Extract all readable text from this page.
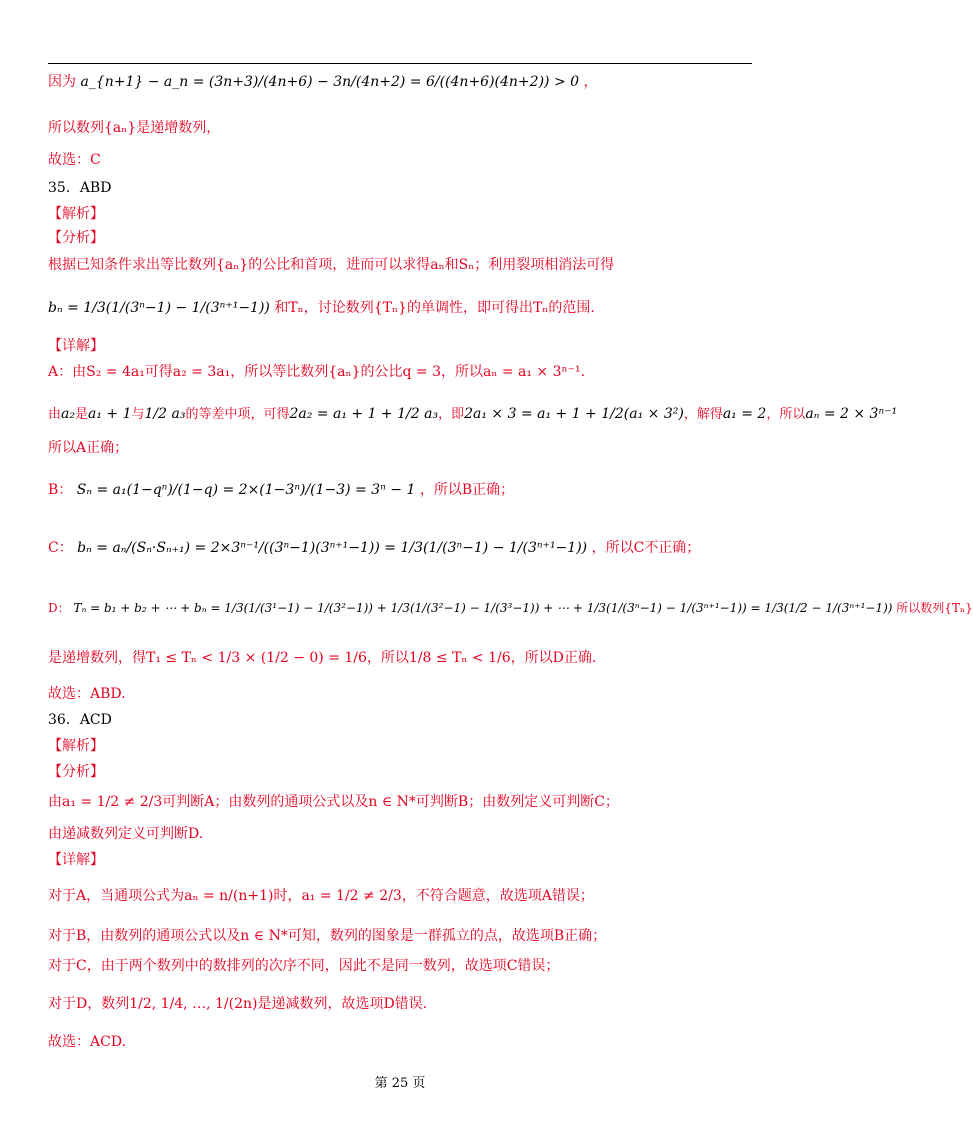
因为 a_{n+1} − a_n = (3n+3)/(4n+6) − 3n/(4n+2) = 6/((4n+6)(4n+2)) > 0 ，
所以数列{aₙ}是递增数列，
故选：C
35．ABD
【解析】
【分析】
根据已知条件求出等比数列{aₙ}的公比和首项，进而可以求得aₙ和Sₙ；利用裂项相消法可得
bₙ = 1/3(1/(3ⁿ−1) − 1/(3ⁿ⁺¹−1)) 和Tₙ，讨论数列{Tₙ}的单调性，即可得出Tₙ的范围.
【详解】
A：由S₂ = 4a₁可得a₂ = 3a₁，所以等比数列{aₙ}的公比q = 3，所以aₙ = a₁ × 3ⁿ⁻¹.
由a₂是a₁ + 1与1/2 a₃的等差中项，可得2a₂ = a₁ + 1 + 1/2 a₃，即2a₁ × 3 = a₁ + 1 + 1/2(a₁ × 3²)，解得a₁ = 2，所以aₙ = 2 × 3ⁿ⁻¹
所以A正确；
B： Sₙ = a₁(1−qⁿ)/(1−q) = 2×(1−3ⁿ)/(1−3) = 3ⁿ − 1 ，所以B正确；
C： bₙ = aₙ/(Sₙ·Sₙ₊₁) = 2×3ⁿ⁻¹/((3ⁿ−1)(3ⁿ⁺¹−1)) = 1/3(1/(3ⁿ−1) − 1/(3ⁿ⁺¹−1)) ，所以C不正确；
D： Tₙ = b₁ + b₂ + ⋯ + bₙ = 1/3(1/(3¹−1) − 1/(3²−1)) + 1/3(1/(3²−1) − 1/(3³−1)) + ⋯ + 1/3(1/(3ⁿ−1) − 1/(3ⁿ⁺¹−1)) = 1/3(1/2 − 1/(3ⁿ⁺¹−1)) 所以数列{Tₙ}
是递增数列，得T₁ ≤ Tₙ < 1/3 × (1/2 − 0) = 1/6，所以1/8 ≤ Tₙ < 1/6，所以D正确.
故选：ABD.
36．ACD
【解析】
【分析】
由a₁ = 1/2 ≠ 2/3可判断A；由数列的通项公式以及n ∈ N*可判断B；由数列定义可判断C；
由递减数列定义可判断D.
【详解】
对于A，当通项公式为aₙ = n/(n+1)时，a₁ = 1/2 ≠ 2/3，不符合题意，故选项A错误；
对于B，由数列的通项公式以及n ∈ N*可知，数列的图象是一群孤立的点，故选项B正确；
对于C，由于两个数列中的数排列的次序不同，因此不是同一数列，故选项C错误；
对于D，数列1/2, 1/4, …, 1/(2n)是递减数列，故选项D错误.
故选：ACD.
第 25 页
